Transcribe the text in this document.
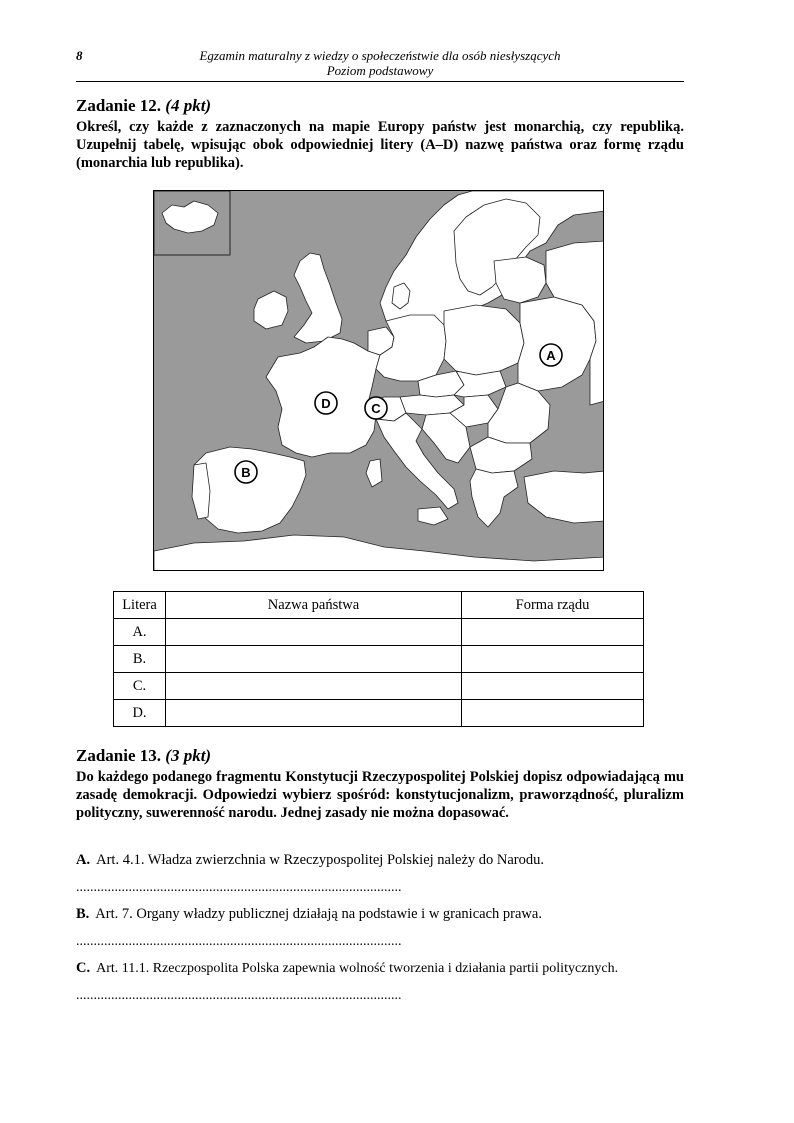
8	Egzamin maturalny z wiedzy o społeczeństwie dla osób niesłyszących
Poziom podstawowy
Zadanie 12. (4 pkt)
Określ, czy każde z zaznaczonych na mapie Europy państw jest monarchią, czy republiką. Uzupełnij tabelę, wpisując obok odpowiedniej litery (A–D) nazwę państwa oraz formę rządu (monarchia lub republika).
A
B
C
D
Litera	Nazwa państwa	Forma rządu
A.		
B.		
C.		
D.		
Zadanie 13. (3 pkt)
Do każdego podanego fragmentu Konstytucji Rzeczypospolitej Polskiej dopisz odpowiadającą mu zasadę demokracji. Odpowiedzi wybierz spośród: konstytucjonalizm, praworządność, pluralizm polityczny, suwerenność narodu. Jednej zasady nie można dopasować.
A. Art. 4.1. Władza zwierzchnia w Rzeczypospolitej Polskiej należy do Narodu.
.............................................................................................
B. Art. 7. Organy władzy publicznej działają na podstawie i w granicach prawa.
.............................................................................................
C. Art. 11.1. Rzeczpospolita Polska zapewnia wolność tworzenia i działania partii politycznych.
.............................................................................................
